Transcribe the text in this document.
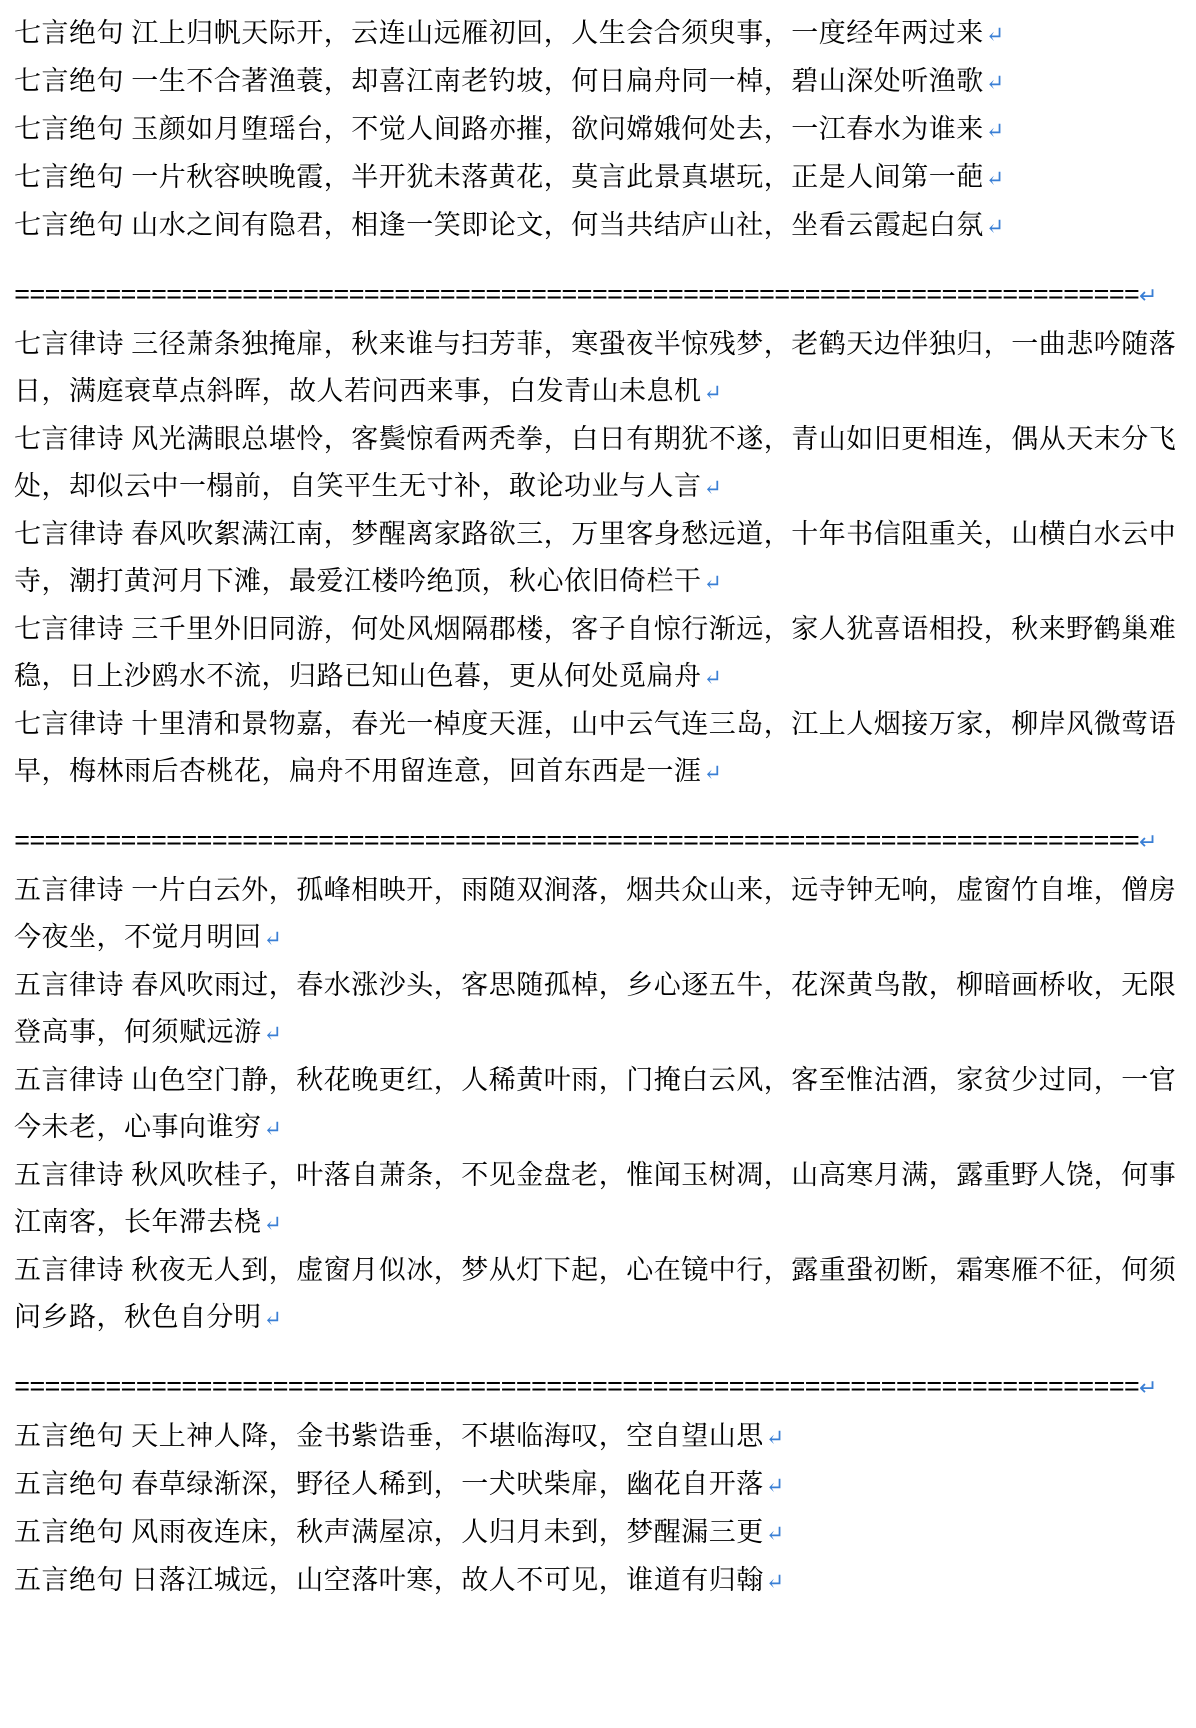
七言绝句 江上归帆天际开，云连山远雁初回，人生会合须臾事，一度经年两过来↵
七言绝句 一生不合著渔蓑，却喜江南老钓坡，何日扁舟同一棹，碧山深处听渔歌↵
七言绝句 玉颜如月堕瑶台，不觉人间路亦摧，欲问嫦娥何处去，一江春水为谁来↵
七言绝句 一片秋容映晚霞，半开犹未落黄花，莫言此景真堪玩，正是人间第一葩↵
七言绝句 山水之间有隐君，相逢一笑即论文，何当共结庐山社，坐看云霞起白氛↵
==========================================================================↵
七言律诗 三径萧条独掩扉，秋来谁与扫芳菲，寒蛩夜半惊残梦，老鹤天边伴独归，一曲悲吟随落日，满庭衰草点斜晖，故人若问西来事，白发青山未息机↵
七言律诗 风光满眼总堪怜，客鬓惊看两秃拳，白日有期犹不遂，青山如旧更相连，偶从天末分飞处，却似云中一榻前，自笑平生无寸补，敢论功业与人言↵
七言律诗 春风吹絮满江南，梦醒离家路欲三，万里客身愁远道，十年书信阻重关，山横白水云中寺，潮打黄河月下滩，最爱江楼吟绝顶，秋心依旧倚栏干↵
七言律诗 三千里外旧同游，何处风烟隔郡楼，客子自惊行渐远，家人犹喜语相投，秋来野鹤巢难稳，日上沙鸥水不流，归路已知山色暮，更从何处觅扁舟↵
七言律诗 十里清和景物嘉，春光一棹度天涯，山中云气连三岛，江上人烟接万家，柳岸风微莺语早，梅林雨后杏桃花，扁舟不用留连意，回首东西是一涯↵
==========================================================================↵
五言律诗 一片白云外，孤峰相映开，雨随双涧落，烟共众山来，远寺钟无响，虚窗竹自堆，僧房今夜坐，不觉月明回↵
五言律诗 春风吹雨过，春水涨沙头，客思随孤棹，乡心逐五牛，花深黄鸟散，柳暗画桥收，无限登高事，何须赋远游↵
五言律诗 山色空门静，秋花晚更红，人稀黄叶雨，门掩白云风，客至惟沽酒，家贫少过同，一官今未老，心事向谁穷↵
五言律诗 秋风吹桂子，叶落自萧条，不见金盘老，惟闻玉树凋，山高寒月满，露重野人饶，何事江南客，长年滞去桡↵
五言律诗 秋夜无人到，虚窗月似冰，梦从灯下起，心在镜中行，露重蛩初断，霜寒雁不征，何须问乡路，秋色自分明↵
==========================================================================↵
五言绝句 天上神人降，金书紫诰垂，不堪临海叹，空自望山思↵
五言绝句 春草绿渐深，野径人稀到，一犬吠柴扉，幽花自开落↵
五言绝句 风雨夜连床，秋声满屋凉，人归月未到，梦醒漏三更↵
五言绝句 日落江城远，山空落叶寒，故人不可见，谁道有归翰↵
